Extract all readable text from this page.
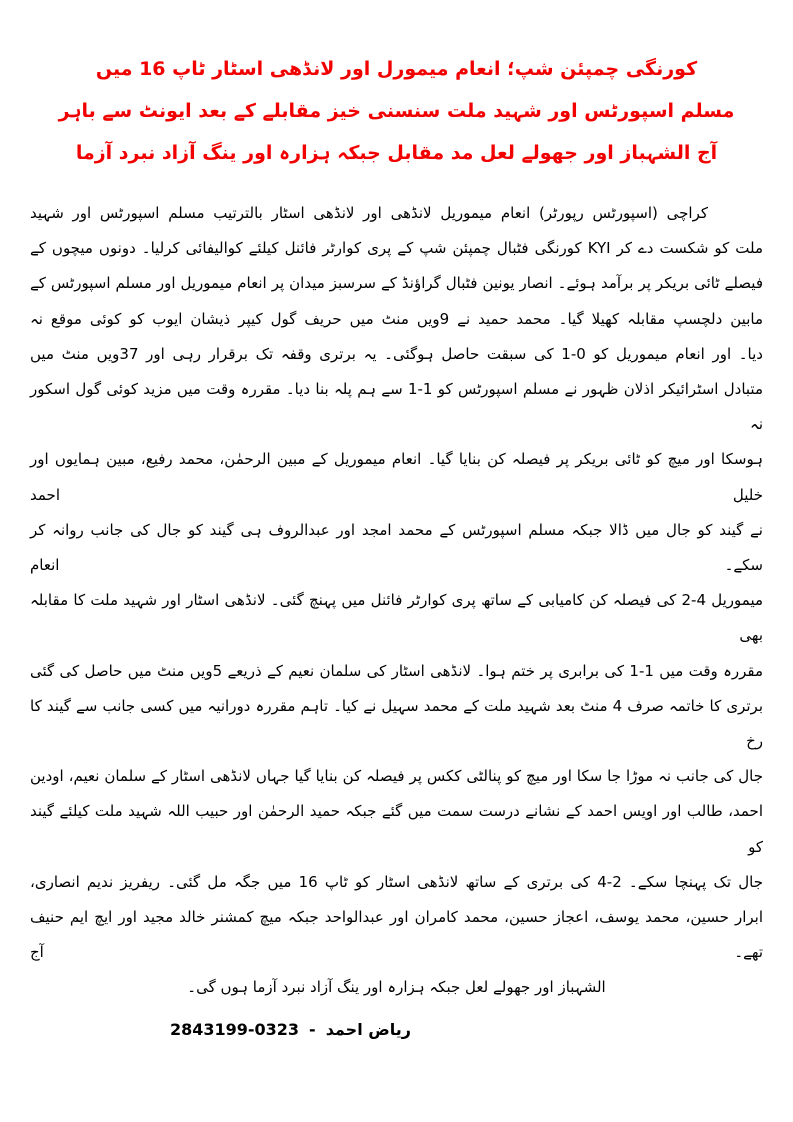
کورنگی چمپئن شپ؛ انعام میمورل اور لانڈھی اسٹار ٹاپ 16 میں
مسلم اسپورٹس اور شہید ملت سنسنی خیز مقابلے کے بعد ایونٹ سے باہر
آج الشہباز اور جھولے لعل مد مقابل جبکہ ہزارہ اور ینگ آزاد نبرد آزما
کراچی (اسپورٹس رپورٹر) انعام میموریل لانڈھی اور لانڈھی اسٹار بالترتیب مسلم اسپورٹس اور شہید
ملت کو شکست دے کر KYI کورنگی فٹبال چمپئن شپ کے پری کوارٹر فائنل کیلئے کوالیفائی کرلیا۔ دونوں میچوں کے
فیصلے ٹائی بریکر پر برآمد ہوئے۔ انصار یونین فٹبال گراؤنڈ کے سرسبز میدان پر انعام میموریل اور مسلم اسپورٹس کے
مابین دلچسپ مقابلہ کھیلا گیا۔ محمد حمید نے 9ویں منٹ میں حریف گول کیپر ذیشان ایوب کو کوئی موقع نہ
دیا۔ اور انعام میموریل کو 0-1 کی سبقت حاصل ہوگئی۔ یہ برتری وقفہ تک برقرار رہی اور 37ویں منٹ میں
متبادل اسٹرائیکر اذلان ظہور نے مسلم اسپورٹس کو 1-1 سے ہم پلہ بنا دیا۔ مقررہ وقت میں مزید کوئی گول اسکور نہ
ہوسکا اور میچ کو ٹائی بریکر پر فیصلہ کن بنایا گیا۔ انعام میموریل کے مبین الرحمٰن، محمد رفیع، مبین ہمایوں اور خلیل احمد
نے گیند کو جال میں ڈالا جبکہ مسلم اسپورٹس کے محمد امجد اور عبدالروف ہی گیند کو جال کی جانب روانہ کر سکے۔ انعام
میموریل 4-2 کی فیصلہ کن کامیابی کے ساتھ پری کوارٹر فائنل میں پہنچ گئی۔ لانڈھی اسٹار اور شہید ملت کا مقابلہ بھی
مقررہ وقت میں 1-1 کی برابری پر ختم ہوا۔ لانڈھی اسٹار کی سلمان نعیم کے ذریعے 5ویں منٹ میں حاصل کی گئی
برتری کا خاتمہ صرف 4 منٹ بعد شہید ملت کے محمد سہیل نے کیا۔ تاہم مقررہ دورانیہ میں کسی جانب سے گیند کا رخ
جال کی جانب نہ موڑا جا سکا اور میچ کو پنالٹی ککس پر فیصلہ کن بنایا گیا جہاں لانڈھی اسٹار کے سلمان نعیم، اودین
احمد، طالب اور اویس احمد کے نشانے درست سمت میں گئے جبکہ حمید الرحمٰن اور حبیب اللہ شہید ملت کیلئے گیند کو
جال تک پہنچا سکے۔ 2-4 کی برتری کے ساتھ لانڈھی اسٹار کو ٹاپ 16 میں جگہ مل گئی۔ ریفریز ندیم انصاری،
ابرار حسین، محمد یوسف، اعجاز حسین، محمد کامران اور عبدالواحد جبکہ میچ کمشنر خالد مجید اور ایچ ایم حنیف تھے۔ آج
الشہباز اور جھولے لعل جبکہ ہزارہ اور ینگ آزاد نبرد آزما ہوں گی۔
ریاض احمد-0323-2843199
